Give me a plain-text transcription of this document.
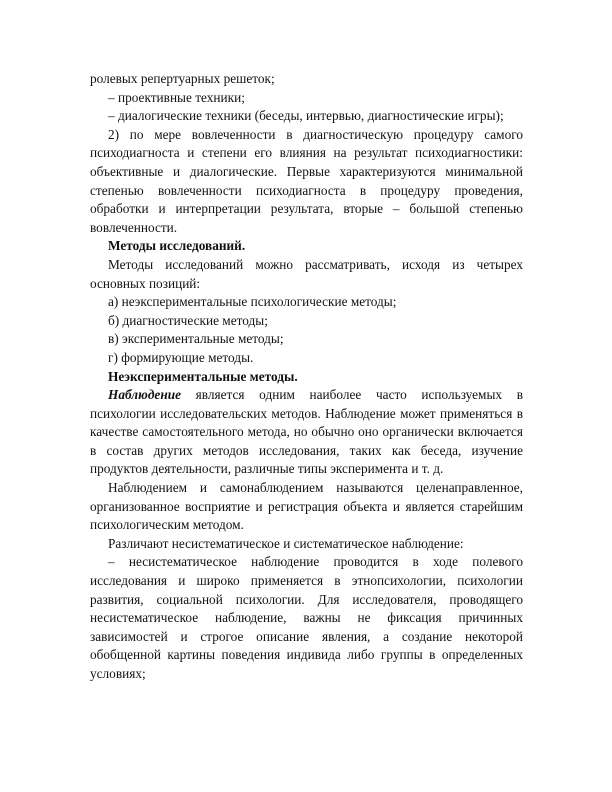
ролевых репертуарных решеток;

– проективные техники;

– диалогические техники (беседы, интервью, диагностические игры);

2) по мере вовлеченности в диагностическую процедуру самого психодиагноста и степени его влияния на результат психодиагностики: объективные и диалогические. Первые характеризуются минимальной степенью вовлеченности психодиагноста в процедуру проведения, обработки и интерпретации результата, вторые – большой степенью вовлеченности.

Методы исследований.

Методы исследований можно рассматривать, исходя из четырех основных позиций:

а) неэкспериментальные психологические методы;

б) диагностические методы;

в) экспериментальные методы;

г) формирующие методы.

Неэкспериментальные методы.

Наблюдение является одним наиболее часто используемых в психологии исследовательских методов. Наблюдение может применяться в качестве самостоятельного метода, но обычно оно органически включается в состав других методов исследования, таких как беседа, изучение продуктов деятельности, различные типы эксперимента и т. д.

Наблюдением и самонаблюдением называются целенаправленное, организованное восприятие и регистрация объекта и является старейшим психологическим методом.

Различают несистематическое и систематическое наблюдение:

– несистематическое наблюдение проводится в ходе полевого исследования и широко применяется в этнопсихологии, психологии развития, социальной психологии. Для исследователя, проводящего несистематическое наблюдение, важны не фиксация причинных зависимостей и строгое описание явления, а создание некоторой обобщенной картины поведения индивида либо группы в определенных условиях;
